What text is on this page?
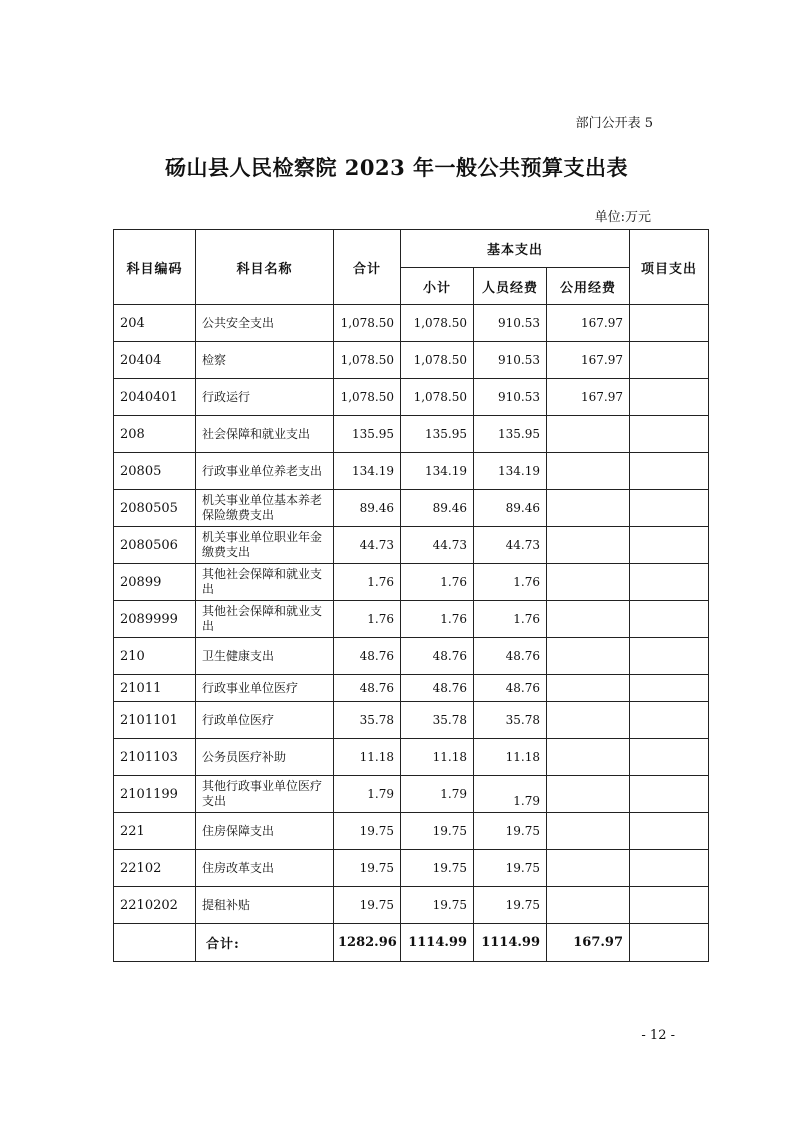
部门公开表 5
砀山县人民检察院 2023 年一般公共预算支出表
单位:万元
科目编码	科目名称	合计	基本支出			项目支出
			小计	人员经费	公用经费	
204	公共安全支出	1,078.50	1,078.50	910.53	167.97	
20404	检察	1,078.50	1,078.50	910.53	167.97	
2040401	行政运行	1,078.50	1,078.50	910.53	167.97	
208	社会保障和就业支出	135.95	135.95	135.95		
20805	行政事业单位养老支出	134.19	134.19	134.19		
2080505	机关事业单位基本养老保险缴费支出	89.46	89.46	89.46		
2080506	机关事业单位职业年金缴费支出	44.73	44.73	44.73		
20899	其他社会保障和就业支出	1.76	1.76	1.76		
2089999	其他社会保障和就业支出	1.76	1.76	1.76		
210	卫生健康支出	48.76	48.76	48.76		
21011	行政事业单位医疗	48.76	48.76	48.76		
2101101	行政单位医疗	35.78	35.78	35.78		
2101103	公务员医疗补助	11.18	11.18	11.18		
2101199	其他行政事业单位医疗支出	1.79	1.79	1.79		
221	住房保障支出	19.75	19.75	19.75		
22102	住房改革支出	19.75	19.75	19.75		
2210202	提租补贴	19.75	19.75	19.75		
	合计:	1282.96	1114.99	1114.99	167.97	
- 12 -
